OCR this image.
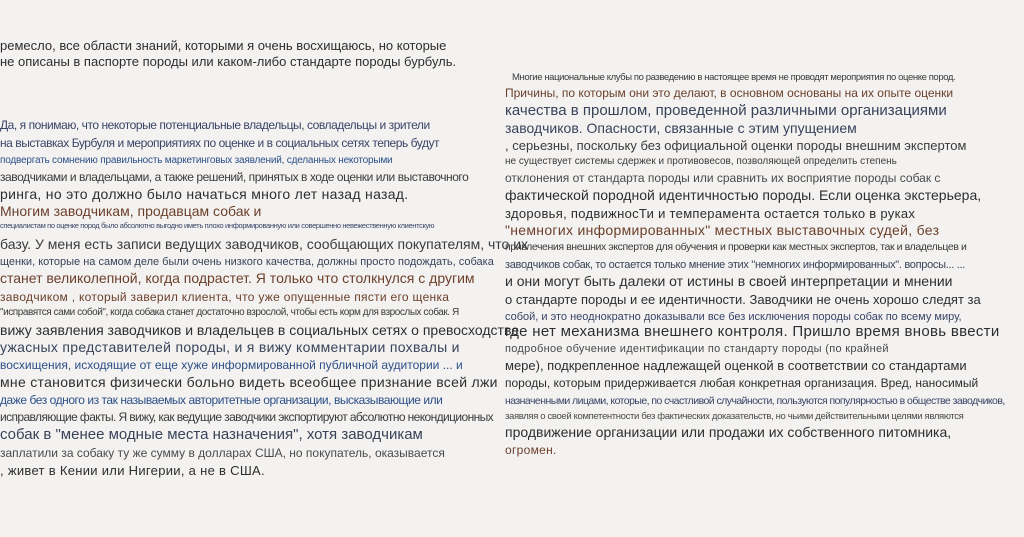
ремесло, все области знаний, которыми я очень восхищаюсь, но которые
не описаны в паспорте породы или каком-либо стандарте породы бурбуль.
Да, я понимаю, что некоторые потенциальные владельцы, совладельцы и зрители
на выставках Бурбуля и мероприятиях по оценке и в социальных сетях теперь будут
подвергать сомнению правильность маркетинговых заявлений, сделанных некоторыми
заводчиками и владельцами, а также решений, принятых в ходе оценки или выставочного
ринга, но это должно было начаться много лет назад назад.
Многим заводчикам, продавцам собак и
специалистам по оценке пород было абсолютно выгодно иметь плохо информированную или совершенно невежественную клиентскую
базу. У меня есть записи ведущих заводчиков, сообщающих покупателям, что их
щенки, которые на самом деле были очень низкого качества, должны просто подождать, собака
станет великолепной, когда подрастет. Я только что столкнулся с другим
заводчиком , который заверил клиента, что уже опущенные пясти его щенка
"исправятся сами собой", когда собака станет достаточно взрослой, чтобы есть корм для взрослых собак. Я
вижу заявления заводчиков и владельцев в социальных сетях о превосходстве
ужасных представителей породы, и я вижу комментарии похвалы и
восхищения, исходящие от еще хуже информированной публичной аудитории ... и
мне становится физически больно видеть всеобщее признание всей лжи
даже без одного из так называемых авторитетные организации, высказывающие или
исправляющие факты. Я вижу, как ведущие заводчики экспортируют абсолютно некондиционных
собак в "менее модные места назначения", хотя заводчикам
заплатили за собаку ту же сумму в долларах США, но покупатель, оказывается
, живет в Кении или Нигерии, а не в США.
Многие национальные клубы по разведению в настоящее время не проводят мероприятия по оценке пород.
Причины, по которым они это делают, в основном основаны на их опыте оценки
качества в прошлом, проведенной различными организациями
заводчиков. Опасности, связанные с этим упущением
, серьезны, поскольку без официальной оценки породы внешним экспертом
не существует системы сдержек и противовесов, позволяющей определить степень
отклонения от стандарта породы или сравнить их восприятие породы собак с
фактической породной идентичностью породы. Если оценка экстерьера,
здоровья, подвижносТи и темперамента остается только в руках
"немногих информированных" местных выставочных судей, без
привлечения внешних экспертов для обучения и проверки как местных экспертов, так и владельцев и
заводчиков собак, то остается только мнение этих "немногих информированных". вопросы... ...
и они могут быть далеки от истины в своей интерпретации и мнении
о стандарте породы и ее идентичности. Заводчики не очень хорошо следят за
собой, и это неоднократно доказывали все без исключения породы собак по всему миру,
где нет механизма внешнего контроля. Пришло время вновь ввести
подробное обучение идентификации по стандарту породы (по крайней
мере), подкрепленное надлежащей оценкой в соответствии со стандартами
породы, которым придерживается любая конкретная организация. Вред, наносимый
назначенными лицами, которые, по счастливой случайности, пользуются популярностью в обществе заводчиков,
заявляя о своей компетентности без фактических доказательств, но чьими действительными целями являются
продвижение организации или продажи их собственного питомника,
огромен.
